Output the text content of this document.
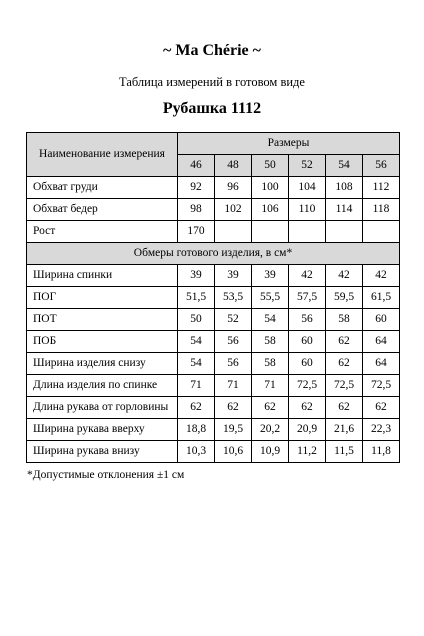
~ Ma Chérie ~
Таблица измерений в готовом виде
Рубашка 1112
Наименование измерения	Размеры					
	46	48	50	52	54	56
Обхват груди	92	96	100	104	108	112
Обхват бедер	98	102	106	110	114	118
Рост	170					
Обмеры готового изделия, в см*						
Ширина спинки	39	39	39	42	42	42
ПОГ	51,5	53,5	55,5	57,5	59,5	61,5
ПОТ	50	52	54	56	58	60
ПОБ	54	56	58	60	62	64
Ширина изделия снизу	54	56	58	60	62	64
Длина изделия по спинке	71	71	71	72,5	72,5	72,5
Длина рукава от горловины	62	62	62	62	62	62
Ширина рукава вверху	18,8	19,5	20,2	20,9	21,6	22,3
Ширина рукава внизу	10,3	10,6	10,9	11,2	11,5	11,8
*Допустимые отклонения ±1 см
